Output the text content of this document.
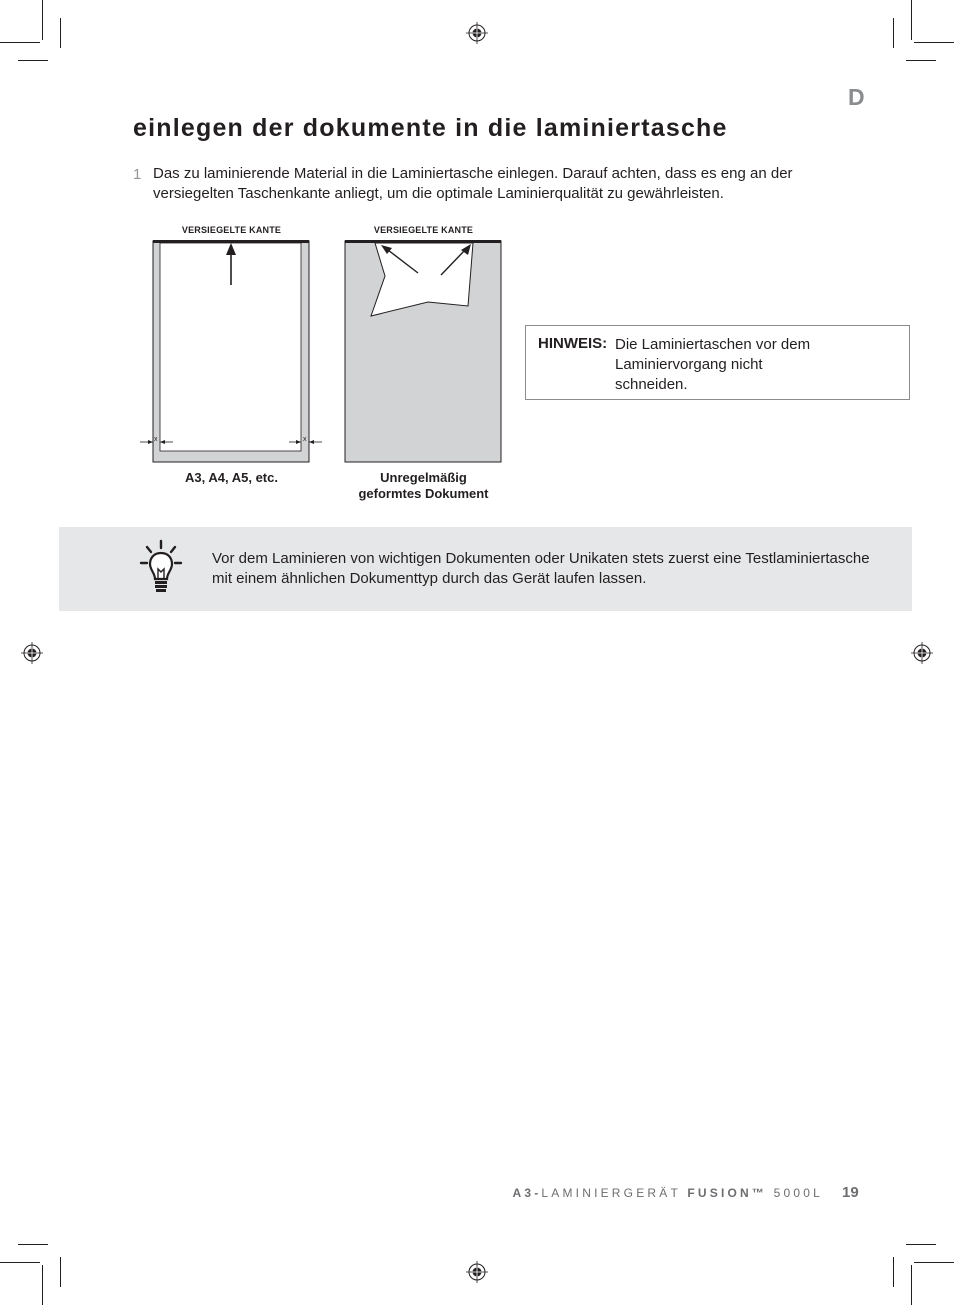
D
einlegen der dokumente in die laminiertasche
1 Das zu laminierende Material in die Laminiertasche einlegen. Darauf achten, dass es eng an der versiegelten Taschenkante anliegt, um die optimale Laminierqualität zu gewährleisten.
VERSIEGELTE KANTE
x	x
A3, A4, A5, etc.
VERSIEGELTE KANTE
Unregelmäßig
geformtes Dokument
HINWEIS: Die Laminiertaschen vor dem Laminiervorgang nicht schneiden.
Vor dem Laminieren von wichtigen Dokumenten oder Unikaten stets zuerst eine Testlaminiertasche mit einem ähnlichen Dokumenttyp durch das Gerät laufen lassen.
A3-LAMINIERGERÄT FUSION™ 5000L 19
